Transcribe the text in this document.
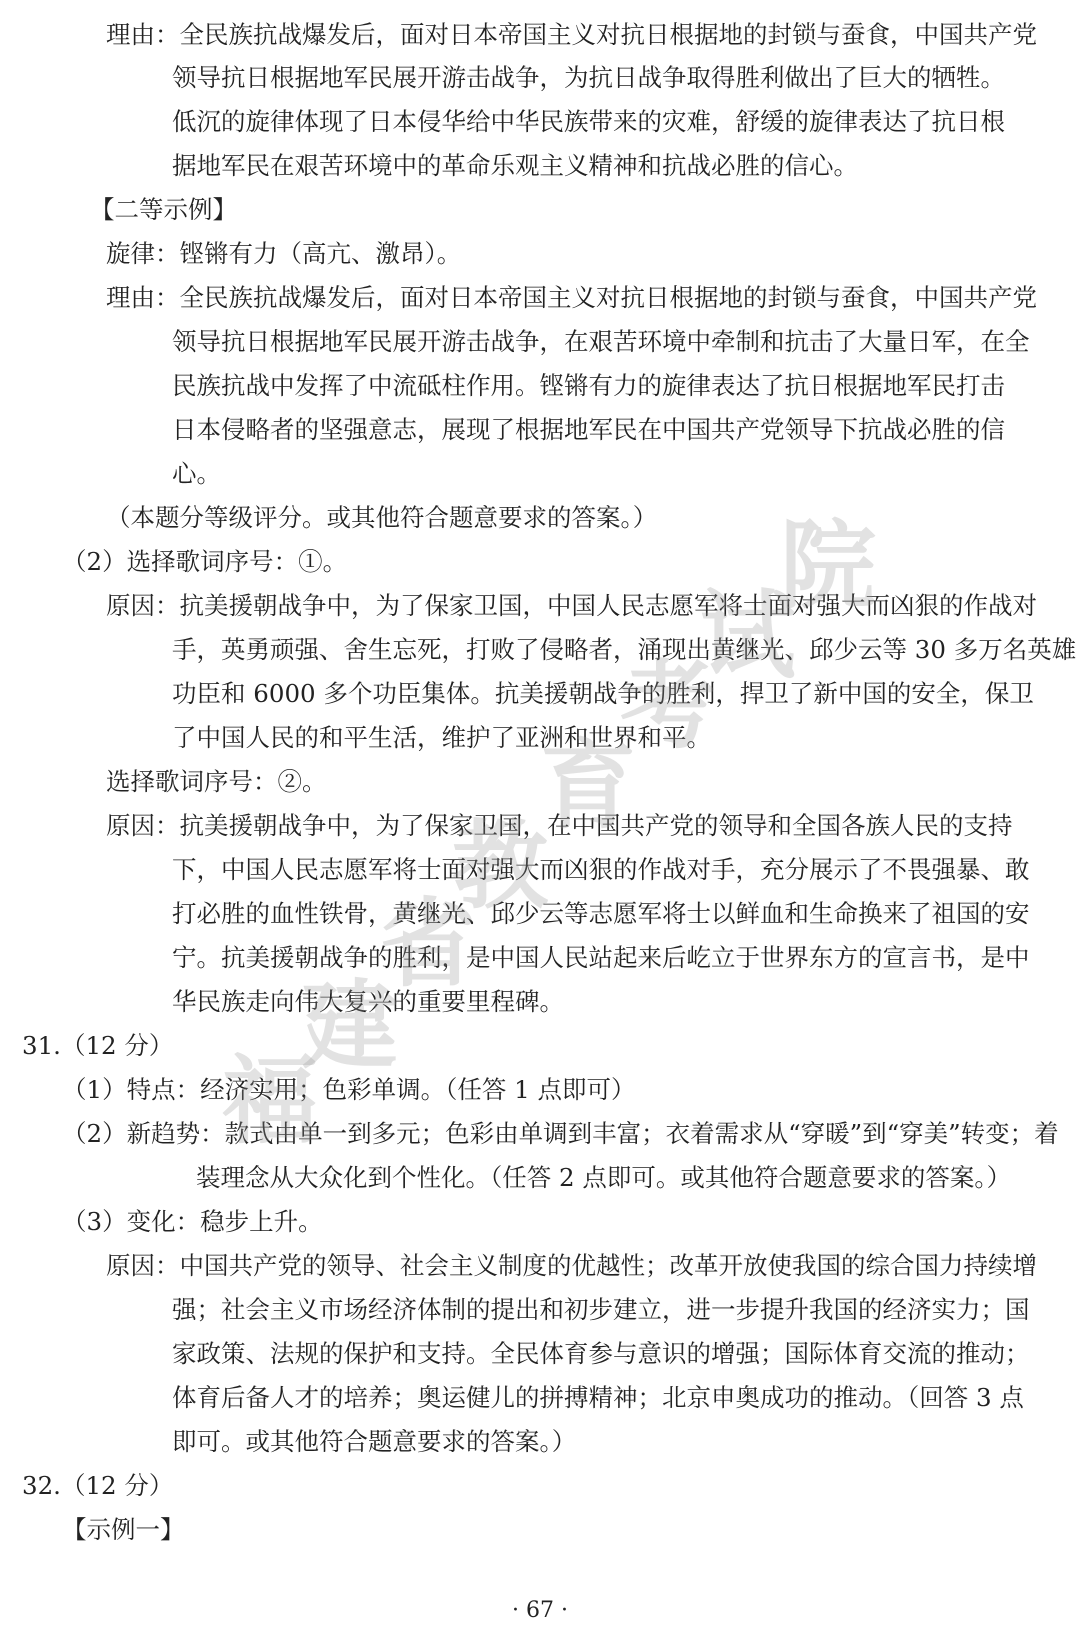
理由：全民族抗战爆发后，面对日本帝国主义对抗日根据地的封锁与蚕食，中国共产党
领导抗日根据地军民展开游击战争，为抗日战争取得胜利做出了巨大的牺牲。
低沉的旋律体现了日本侵华给中华民族带来的灾难，舒缓的旋律表达了抗日根
据地军民在艰苦环境中的革命乐观主义精神和抗战必胜的信心。
【二等示例】
旋律：铿锵有力（高亢、激昂）。
理由：全民族抗战爆发后，面对日本帝国主义对抗日根据地的封锁与蚕食，中国共产党
领导抗日根据地军民展开游击战争，在艰苦环境中牵制和抗击了大量日军，在全
民族抗战中发挥了中流砥柱作用。铿锵有力的旋律表达了抗日根据地军民打击
日本侵略者的坚强意志，展现了根据地军民在中国共产党领导下抗战必胜的信
心。
（本题分等级评分。或其他符合题意要求的答案。）
（2）选择歌词序号：①。
原因：抗美援朝战争中，为了保家卫国，中国人民志愿军将士面对强大而凶狠的作战对
手，英勇顽强、舍生忘死，打败了侵略者，涌现出黄继光、邱少云等 30 多万名英雄
功臣和 6000 多个功臣集体。抗美援朝战争的胜利，捍卫了新中国的安全，保卫
了中国人民的和平生活，维护了亚洲和世界和平。
选择歌词序号：②。
原因：抗美援朝战争中，为了保家卫国，在中国共产党的领导和全国各族人民的支持
下，中国人民志愿军将士面对强大而凶狠的作战对手，充分展示了不畏强暴、敢
打必胜的血性铁骨，黄继光、邱少云等志愿军将士以鲜血和生命换来了祖国的安
宁。抗美援朝战争的胜利，是中国人民站起来后屹立于世界东方的宣言书，是中
华民族走向伟大复兴的重要里程碑。
31.（12 分）
（1）特点：经济实用；色彩单调。（任答 1 点即可）
（2）新趋势：款式由单一到多元；色彩由单调到丰富；衣着需求从“穿暖”到“穿美”转变；着
装理念从大众化到个性化。（任答 2 点即可。或其他符合题意要求的答案。）
（3）变化：稳步上升。
原因：中国共产党的领导、社会主义制度的优越性；改革开放使我国的综合国力持续增
强；社会主义市场经济体制的提出和初步建立，进一步提升我国的经济实力；国
家政策、法规的保护和支持。全民体育参与意识的增强；国际体育交流的推动；
体育后备人才的培养；奥运健儿的拼搏精神；北京申奥成功的推动。（回答 3 点
即可。或其他符合题意要求的答案。）
32.（12 分）
【示例一】
福
建
省
教
育
考
试
院
· 67 ·
